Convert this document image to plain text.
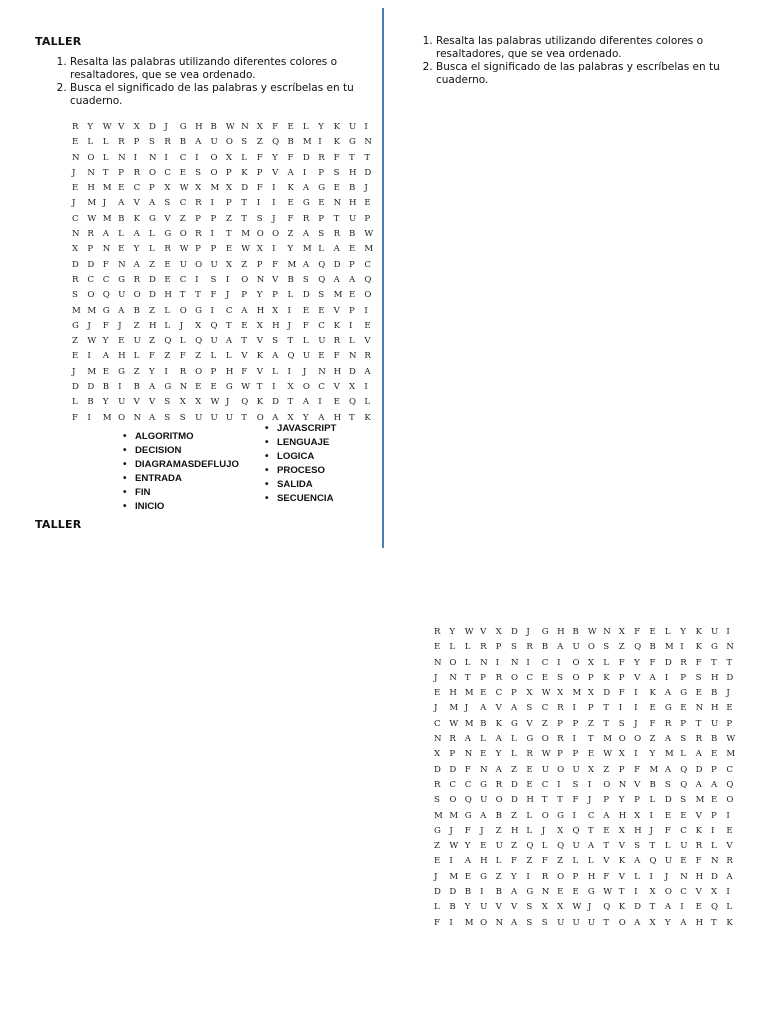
TALLER
1. Resalta las palabras utilizando diferentes colores o resaltadores, que se vea ordenado.
2. Busca el significado de las palabras y escríbelas en tu cuaderno.
R	Y	W V	X	D J	G H B	W N X	F	E	L	Y	K	U I
E	L	L	R	P	S	R	B	A	U O S	Z	Q B	M I	K	G N
N O L	N I	N I	C	I	O X	L	F	Y	F	D R	F	T	T
J	N T	P	R	O C	E	S	O P	K	P	V	A	I	P	S	H D
E	H M E	C	P	X	W X	M X	D F	I	K	A	G E	B	J
J	M J	A	V	A	S	C	R	I	P	T	I	I	E	G E	N H E
C	W M B	K	G V	Z	P	P	Z	T	S	J	F	R	P	T	U P
N R	A	L	A	L	G O R	I	T	M O O Z	A	S	R	B	W
X	P	N E	Y	L	R	W P	P	E	W X	I	Y	M L	A	E	M
D D F	N A	Z	E	U O U X	Z	P	F	M A	Q D P	C
R	C	C	G R	D E	C	I	S	I	O N V	B	S	Q A	A	Q
S	O Q U O D H T	T	F	J	P	Y	P	L	D S	M E	O
M M G A	B	Z	L	O G I	C	A	H X	I	E	E	V	P	I
G J	F	J	Z	H L	J	X	Q T	E	X	H J	F	C	K	I	E
Z	W Y	E	U Z	Q L	Q U A	T	V	S	T	L	U R	L	V
E	I	A	H L	F	Z	F	Z	L	L	V	K	A	Q U E	F	N R
J	M E	G Z	Y	I	R	O P	H F	V	L	I	J	N H D A
D D B	I	B	A	G N E	E	G W T	I	X	O C	V	X	I
L	B	Y	U V	V	S	X	X	W J	Q K	D T	A	I	E	Q L
F	I	M O N A	S	S	U U U T	O A	X	Y	A	H T	K
• ALGORITMO
• DECISION
• DIAGRAMASDEFLUJO
• ENTRADA
• FIN
• INICIO
• JAVASCRIPT
• LENGUAJE
• LOGICA
• PROCESO
• SALIDA
• SECUENCIA
TALLER
1. Resalta las palabras utilizando diferentes colores o resaltadores, que se vea ordenado.
2. Busca el significado de las palabras y escríbelas en tu cuaderno.
R	Y	W V	X	D J	G H B	W N X	F	E	L	Y	K	U I
E	L	L	R	P	S	R	B	A	U O S	Z	Q B	M I	K	G N
N O L	N I	N I	C	I	O X	L	F	Y	F	D R	F	T	T
J	N T	P	R	O C	E	S	O P	K	P	V	A	I	P	S	H D
E	H M E	C	P	X	W X	M X	D F	I	K	A	G E	B	J
J	M J	A	V	A	S	C	R	I	P	T	I	I	E	G E	N H E
C	W M B	K	G V	Z	P	P	Z	T	S	J	F	R	P	T	U P
N R	A	L	A	L	G O R	I	T	M O O Z	A	S	R	B	W
X	P	N E	Y	L	R	W P	P	E	W X	I	Y	M L	A	E	M
D D F	N A	Z	E	U O U X	Z	P	F	M A	Q D P	C
R	C	C	G R	D E	C	I	S	I	O N V	B	S	Q A	A	Q
S	O Q U O D H T	T	F	J	P	Y	P	L	D S	M E	O
M M G A	B	Z	L	O G I	C	A	H X	I	E	E	V	P	I
G J	F	J	Z	H L	J	X	Q T	E	X	H J	F	C	K	I	E
Z	W Y	E	U Z	Q L	Q U A	T	V	S	T	L	U R	L	V
E	I	A	H L	F	Z	F	Z	L	L	V	K	A	Q U E	F	N R
J	M E	G Z	Y	I	R	O P	H F	V	L	I	J	N H D A
D D B	I	B	A	G N E	E	G W T	I	X	O C	V	X	I
L	B	Y	U V	V	S	X	X	W J	Q K	D T	A	I	E	Q L
F	I	M O N A	S	S	U U U T	O A	X	Y	A	H T	K
